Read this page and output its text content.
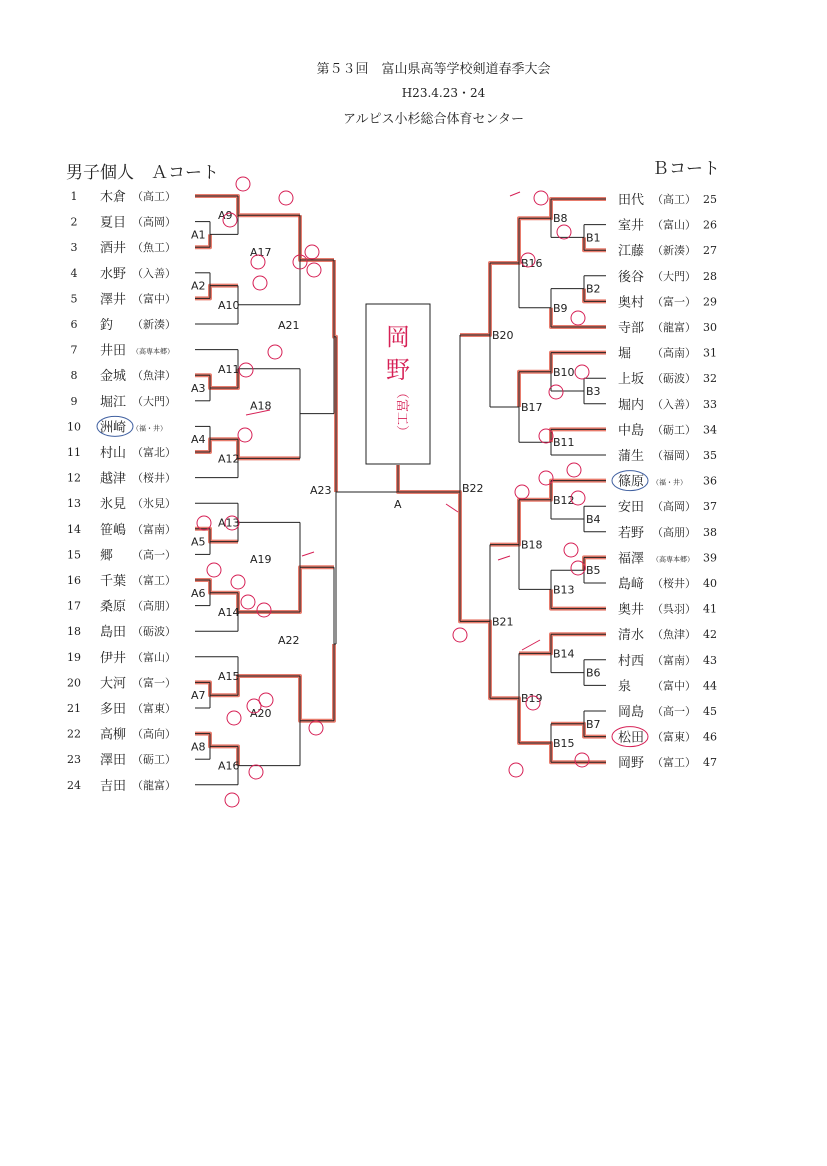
第５３回　富山県高等学校剣道春季大会
H23.4.23・24
アルピス小杉総合体育センター
男子個人　Ａコート	Ｂコート
1 木倉 （高工）
2 夏目 （高岡）
3 酒井 （魚工）
4 水野 （入善）
5 澤井 （富中）
6 釣 （新湊）
7 井田 （高専本郷）
8 金城 （魚津）
9 堀江 （大門）
10 洲崎 （福・井）
11 村山 （富北）
12 越津 （桜井）
13 氷見 （氷見）
14 笹嶋 （富南）
15 郷 （高一）
16 千葉 （富工）
17 桑原 （高朋）
18 島田 （砺波）
19 伊井 （富山）
20 大河 （富一）
21 多田 （富東）
22 高柳 （高向）
23 澤田 （砺工）
24 吉田 （龍富）
A1
A2
A9
A10
A17
A3
A4
A11
A12
A18
A5
A6
A13
A14
A19
A7
A8
A15
A16
A20
A21
A22
A23
田代 （高工） 25
室井 （富山） 26
江藤 （新湊） 27
後谷 （大門） 28
奥村 （富一） 29
寺部 （龍富） 30
堀 （高南） 31
上坂 （砺波） 32
堀内 （入善） 33
中島 （砺工） 34
蒲生 （福岡） 35
篠原 （福・井） 36
安田 （高岡） 37
若野 （高朋） 38
福澤 （高専本郷） 39
島﨑 （桜井） 40
奥井 （呉羽） 41
清水 （魚津） 42
村西 （富南） 43
泉 （富中） 44
岡島 （高一） 45
松田 （富東） 46
岡野 （富工） 47
B1
B2
B8
B9
B16
B3
B10
B11
B17
B20
B4
B12
B5
B13
B18
B6
B14
B7
B15
B19
B21
B22
A
岡
野
（富工）
